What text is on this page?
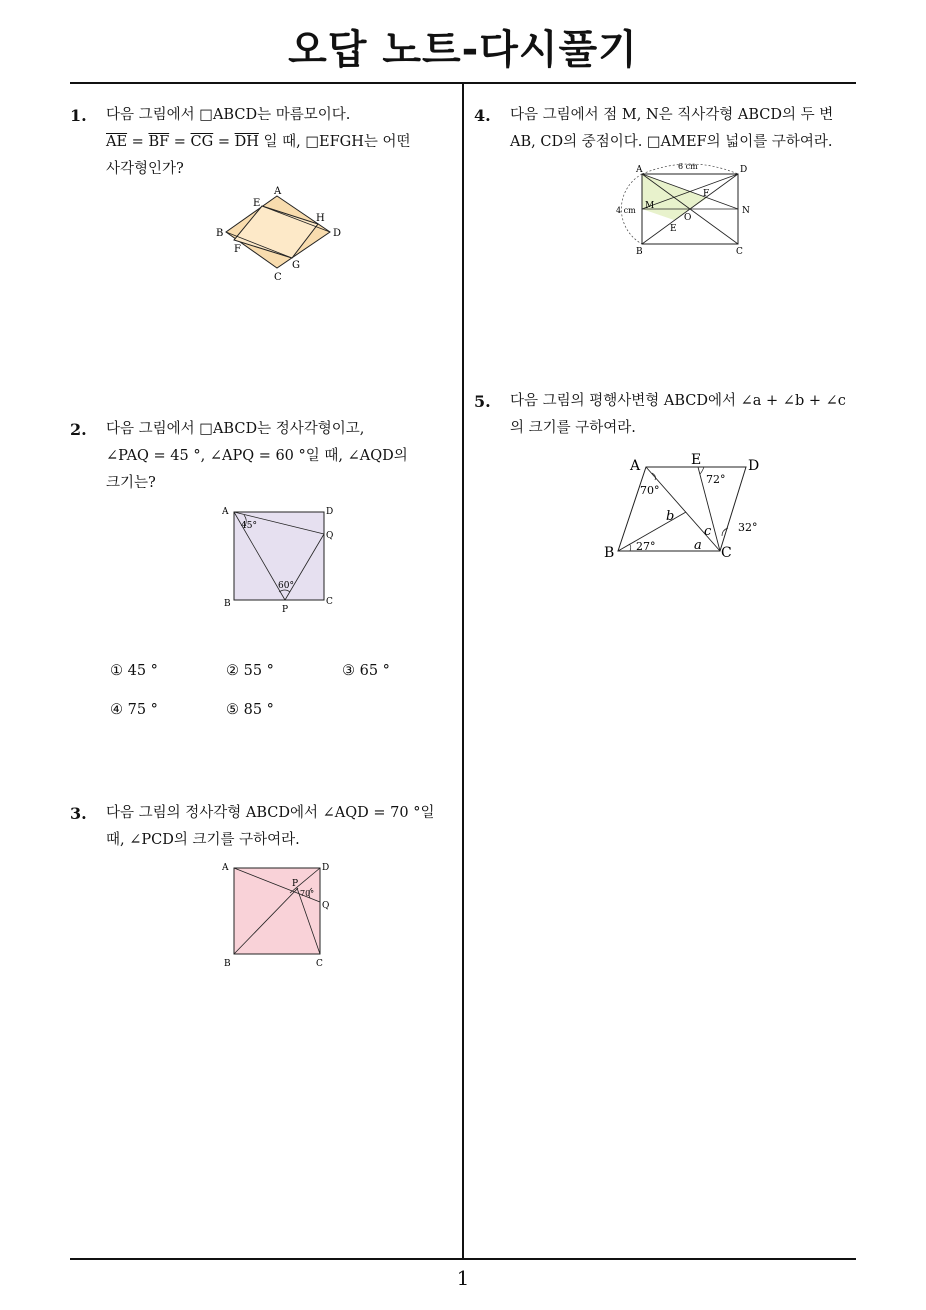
오답 노트-다시풀기
1
1. 다음 그림에서 □ABCD는 마름모이다.
$\overline{AE} = \overline{BF} = \overline{CG} = \overline{DH}$ 일 때, □EFGH는 어떤
사각형인가?
A
B
C
D
E
F
G
H
2. 다음 그림에서 □ABCD는 정사각형이고,
∠PAQ = 45 °, ∠APQ = 60 °일 때, ∠AQD의
크기는?
A	D
Q
B	C
P
45°
60°
① 45 °	② 55 °	③ 65 °
④ 75 °	⑤ 85 °
3. 다음 그림의 정사각형 ABCD에서 ∠AQD = 70 °일
때, ∠PCD의 크기를 구하여라.
A	D
Q
P
70°
B	C
4. 다음 그림에서 점 M, N은 직사각형 ABCD의 두 변
AB, CD의 중점이다. □AMEF의 넓이를 구하여라.
A	D
B	C
M	N
E
F
O
6 cm
4 cm
5. 다음 그림의 평행사변형 ABCD에서 ∠a + ∠b + ∠c
의 크기를 구하여라.
A	E	D
B	C
70°
72°
27°
32°
b
c
a
